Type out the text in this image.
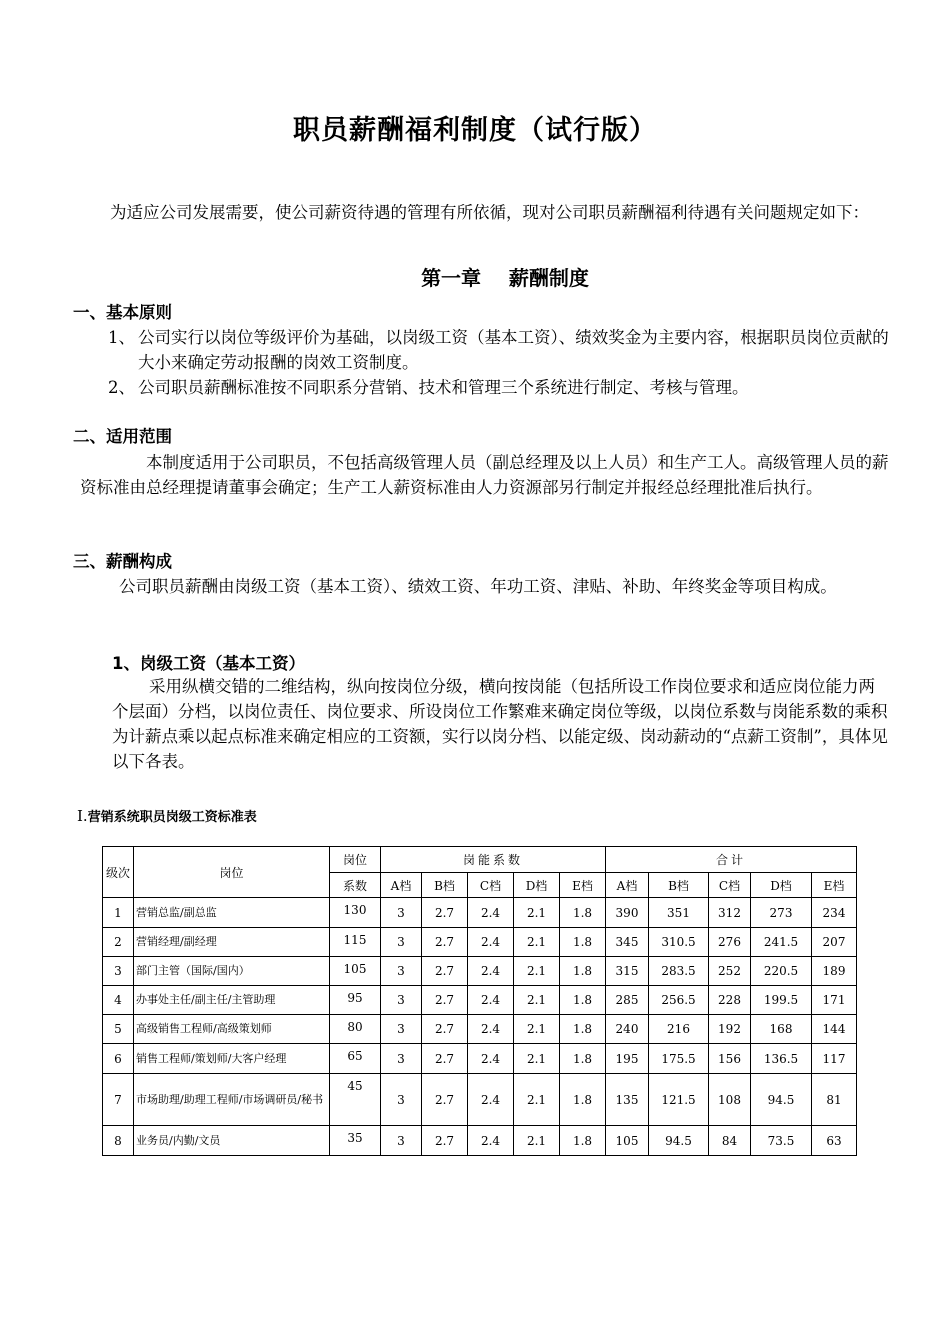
职员薪酬福利制度（试行版）

为适应公司发展需要，使公司薪资待遇的管理有所依循，现对公司职员薪酬福利待遇有关问题规定如下：

第一章 薪酬制度
一、基本原则
1、 公司实行以岗位等级评价为基础，以岗级工资（基本工资）、绩效奖金为主要内容，根据职员岗位贡献的大小来确定劳动报酬的岗效工资制度。
2、 公司职员薪酬标准按不同职系分营销、技术和管理三个系统进行制定、考核与管理。
二、适用范围

本制度适用于公司职员，不包括高级管理人员（副总经理及以上人员）和生产工人。高级管理人员的薪资标准由总经理提请董事会确定；生产工人薪资标准由人力资源部另行制定并报经总经理批准后执行。

三、薪酬构成

公司职员薪酬由岗级工资（基本工资）、绩效工资、年功工资、津贴、补助、年终奖金等项目构成。

1、岗级工资（基本工资）

采用纵横交错的二维结构，纵向按岗位分级，横向按岗能（包括所设工作岗位要求和适应岗位能力两个层面）分档，以岗位责任、岗位要求、所设岗位工作繁难来确定岗位等级，以岗位系数与岗能系数的乘积为计薪点乘以起点标准来确定相应的工资额，实行以岗分档、以能定级、岗动薪动的“点薪工资制”，具体见以下各表。

Ⅰ.营销系统职员岗级工资标准表
级次	岗位	岗位	岗能系数					合计				
		系数	A档	B档	C档	D档	E档	A档	B档	C档	D档	E档
1	营销总监/副总监	130	3	2.7	2.4	2.1	1.8	390	351	312	273	234
2	营销经理/副经理	115	3	2.7	2.4	2.1	1.8	345	310.5	276	241.5	207
3	部门主管（国际/国内）	105	3	2.7	2.4	2.1	1.8	315	283.5	252	220.5	189
4	办事处主任/副主任/主管助理	95	3	2.7	2.4	2.1	1.8	285	256.5	228	199.5	171
5	高级销售工程师/高级策划师	80	3	2.7	2.4	2.1	1.8	240	216	192	168	144
6	销售工程师/策划师/大客户经理	65	3	2.7	2.4	2.1	1.8	195	175.5	156	136.5	117
7	市场助理/助理工程师/市场调研员/秘书	45	3	2.7	2.4	2.1	1.8	135	121.5	108	94.5	81
8	业务员/内勤/文员	35	3	2.7	2.4	2.1	1.8	105	94.5	84	73.5	63
